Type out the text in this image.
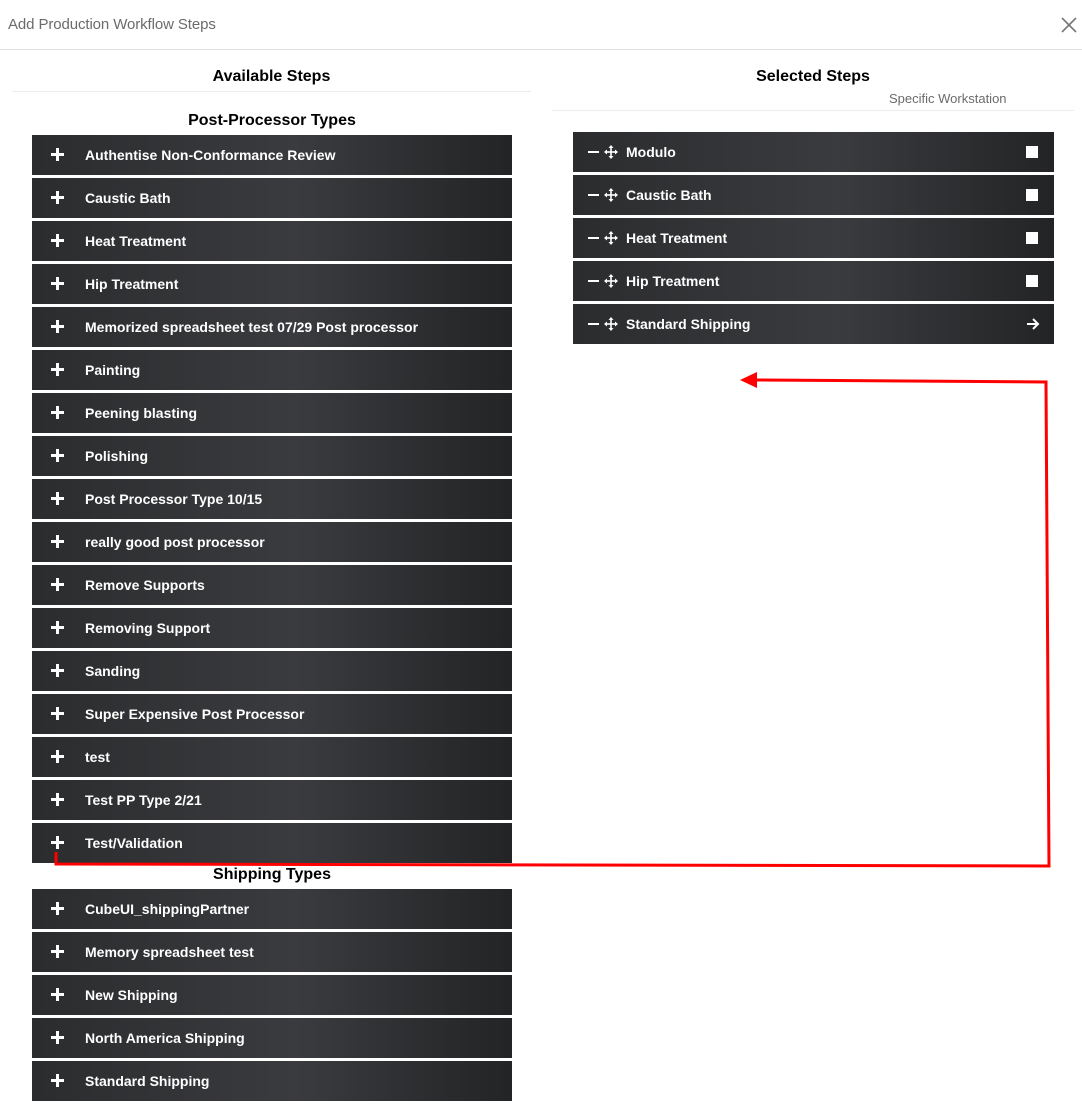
Add Production Workflow Steps
Available Steps
Post-Processor Types
Authentise Non-Conformance Review
Caustic Bath
Heat Treatment
Hip Treatment
Memorized spreadsheet test 07/29 Post processor
Painting
Peening blasting
Polishing
Post Processor Type 10/15
really good post processor
Remove Supports
Removing Support
Sanding
Super Expensive Post Processor
test
Test PP Type 2/21
Test/Validation
Shipping Types
CubeUI_shippingPartner
Memory spreadsheet test
New Shipping
North America Shipping
Standard Shipping
Selected Steps
Specific Workstation
Modulo
Caustic Bath
Heat Treatment
Hip Treatment
Standard Shipping
